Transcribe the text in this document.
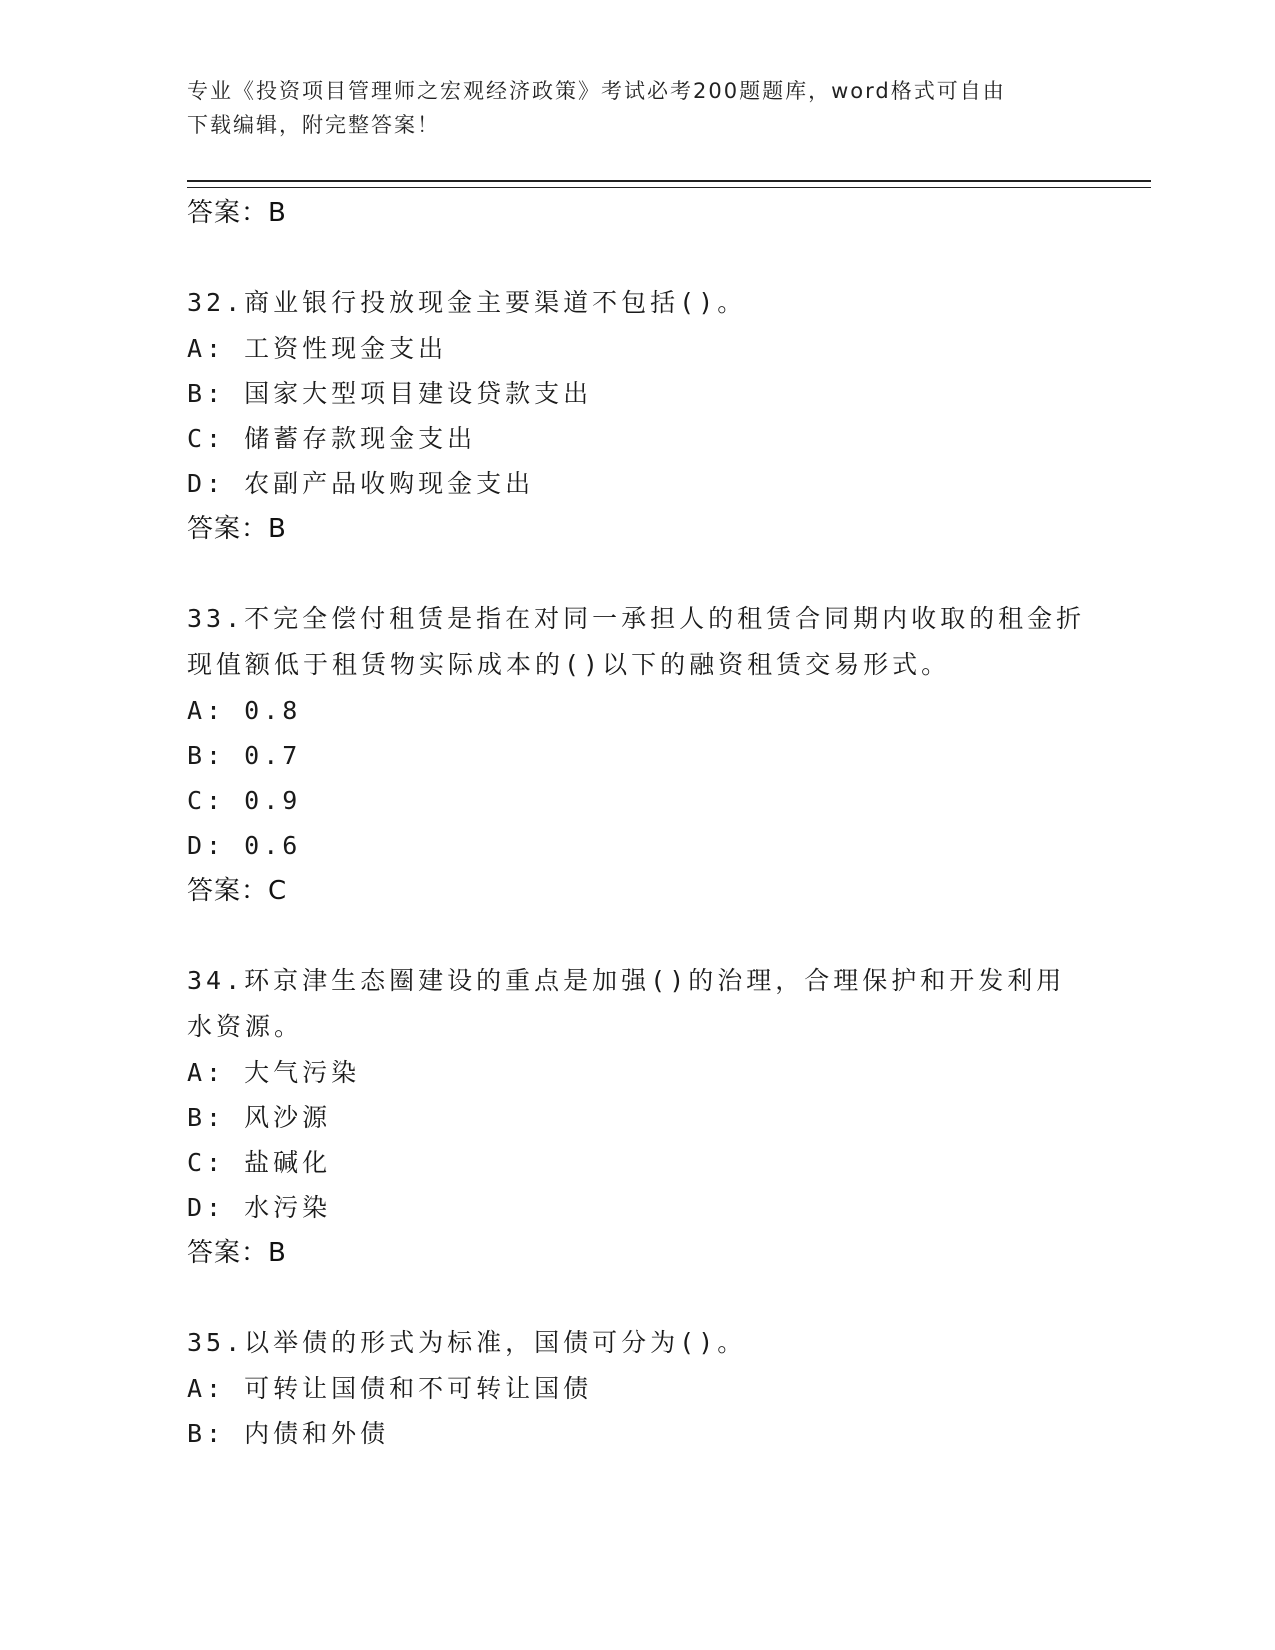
专业《投资项目管理师之宏观经济政策》考试必考200题题库，word格式可自由
下载编辑，附完整答案！
答案：B

32.商业银行投放现金主要渠道不包括()。

A: 工资性现金支出

B: 国家大型项目建设贷款支出

C: 储蓄存款现金支出

D: 农副产品收购现金支出

答案：B

33.不完全偿付租赁是指在对同一承担人的租赁合同期内收取的租金折现值额低于租赁物实际成本的()以下的融资租赁交易形式。

A: 0.8

B: 0.7

C: 0.9

D: 0.6

答案：C

34.环京津生态圈建设的重点是加强()的治理，合理保护和开发利用水资源。

A: 大气污染

B: 风沙源

C: 盐碱化

D: 水污染

答案：B

35.以举债的形式为标准，国债可分为()。

A: 可转让国债和不可转让国债

B: 内债和外债
